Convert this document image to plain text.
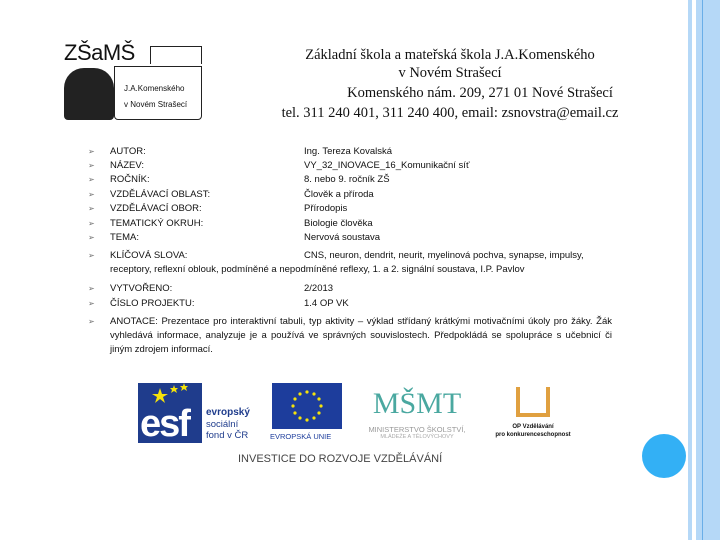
ZŠaMŠ
J.A.Komenského
v Novém Strašecí
Základní škola a mateřská škola J.A.Komenského
v Novém Strašecí
Komenského nám. 209, 271 01 Nové Strašecí
tel. 311 240 401, 311 240 400, email: zsnovstra@email.cz
➢ AUTOR:	Ing. Tereza Kovalská
➢ NÁZEV:	VY_32_INOVACE_16_Komunikační síť
➢ ROČNÍK:	8. nebo 9. ročník ZŠ
➢ VZDĚLÁVACÍ OBLAST:	Člověk a příroda
➢ VZDĚLÁVACÍ OBOR:	Přírodopis
➢ TEMATICKÝ OKRUH:	Biologie člověka
➢ TEMA:	Nervová soustava
➢ VYTVOŘENO:	2/2013
➢ ČÍSLO PROJEKTU:	1.4 OP VK
➢ KLÍČOVÁ SLOVA:	CNS, neuron, dendrit, neurit, myelinová pochva, synapse, impulsy,
receptory, reflexní oblouk, podmíněné a nepodmíněné reflexy, 1. a 2. signální soustava, I.P. Pavlov
➢ ANOTACE: Prezentace pro interaktivní tabuli, typ aktivity – výklad střídaný krátkými motivačními úkoly pro žáky. Žák vyhledává informace, analyzuje je a používá ve správných souvislostech. Předpokládá se spolupráce s učebnicí či jiným zdrojem informací.
esf	evropský
sociální
fond v ČR	EVROPSKÁ UNIE
MŠMT
MINISTERSTVO ŠKOLSTVÍ,
MLÁDEŽE A TĚLOVÝCHOVY
OP Vzdělávání
pro konkurenceschopnost
INVESTICE DO ROZVOJE VZDĚLÁVÁNÍ
